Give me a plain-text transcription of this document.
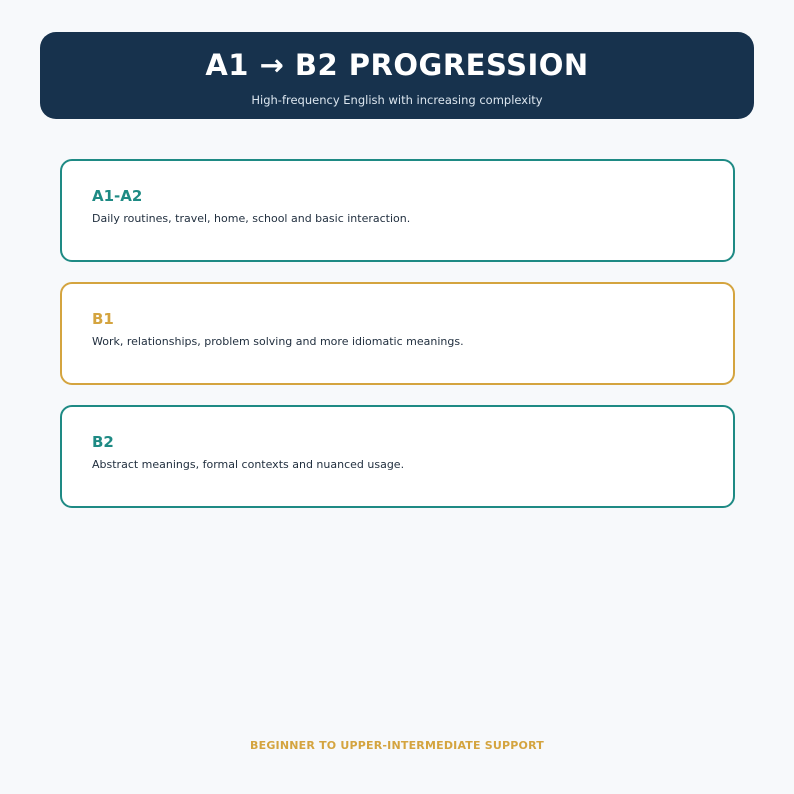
A1 → B2 PROGRESSION
High-frequency English with increasing complexity
A1-A2
Daily routines, travel, home, school and basic interaction.
B1
Work, relationships, problem solving and more idiomatic meanings.
B2
Abstract meanings, formal contexts and nuanced usage.
BEGINNER TO UPPER-INTERMEDIATE SUPPORT
